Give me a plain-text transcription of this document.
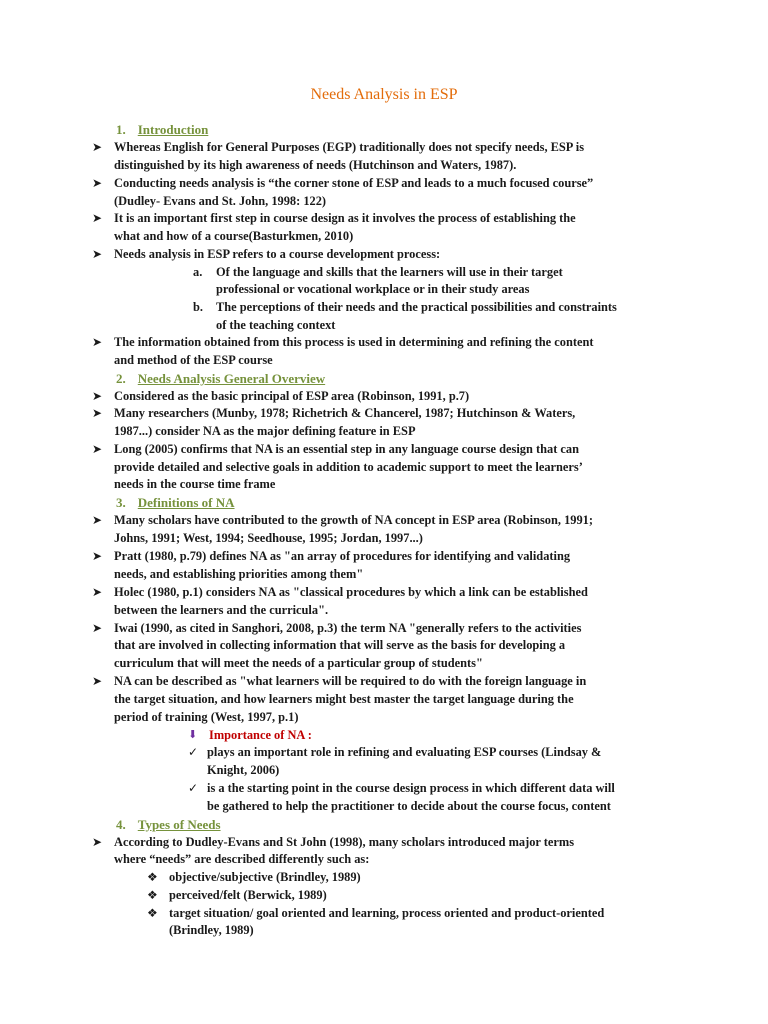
Needs Analysis in ESP
1. Introduction
➤ Whereas English for General Purposes (EGP) traditionally does not specify needs, ESP is
distinguished by its high awareness of needs (Hutchinson and Waters, 1987).
➤ Conducting needs analysis is “the corner stone of ESP and leads to a much focused course”
(Dudley- Evans and St. John, 1998: 122)
➤ It is an important first step in course design as it involves the process of establishing the
what and how of a course(Basturkmen, 2010)
➤ Needs analysis in ESP refers to a course development process:
a. Of the language and skills that the learners will use in their target
professional or vocational workplace or in their study areas
b. The perceptions of their needs and the practical possibilities and constraints
of the teaching context
➤ The information obtained from this process is used in determining and refining the content
and method of the ESP course
2. Needs Analysis General Overview
➤ Considered as the basic principal of ESP area (Robinson, 1991, p.7)
➤ Many researchers (Munby, 1978; Richetrich & Chancerel, 1987; Hutchinson & Waters,
1987...) consider NA as the major defining feature in ESP
➤ Long (2005) confirms that NA is an essential step in any language course design that can
provide detailed and selective goals in addition to academic support to meet the learners’
needs in the course time frame
3. Definitions of NA
➤ Many scholars have contributed to the growth of NA concept in ESP area (Robinson, 1991;
Johns, 1991; West, 1994; Seedhouse, 1995; Jordan, 1997...)
➤ Pratt (1980, p.79) defines NA as "an array of procedures for identifying and validating
needs, and establishing priorities among them"
➤ Holec (1980, p.1) considers NA as "classical procedures by which a link can be established
between the learners and the curricula".
➤ Iwai (1990, as cited in Sanghori, 2008, p.3) the term NA "generally refers to the activities
that are involved in collecting information that will serve as the basis for developing a
curriculum that will meet the needs of a particular group of students"
➤ NA can be described as "what learners will be required to do with the foreign language in
the target situation, and how learners might best master the target language during the
period of training (West, 1997, p.1)
⬇ Importance of NA :
✓ plays an important role in refining and evaluating ESP courses (Lindsay &
Knight, 2006)
✓ is a the starting point in the course design process in which different data will
be gathered to help the practitioner to decide about the course focus, content
4. Types of Needs
➤ According to Dudley-Evans and St John (1998), many scholars introduced major terms
where “needs” are described differently such as:
❖ objective/subjective (Brindley, 1989)
❖ perceived/felt (Berwick, 1989)
❖ target situation/ goal oriented and learning, process oriented and product-oriented
(Brindley, 1989)
